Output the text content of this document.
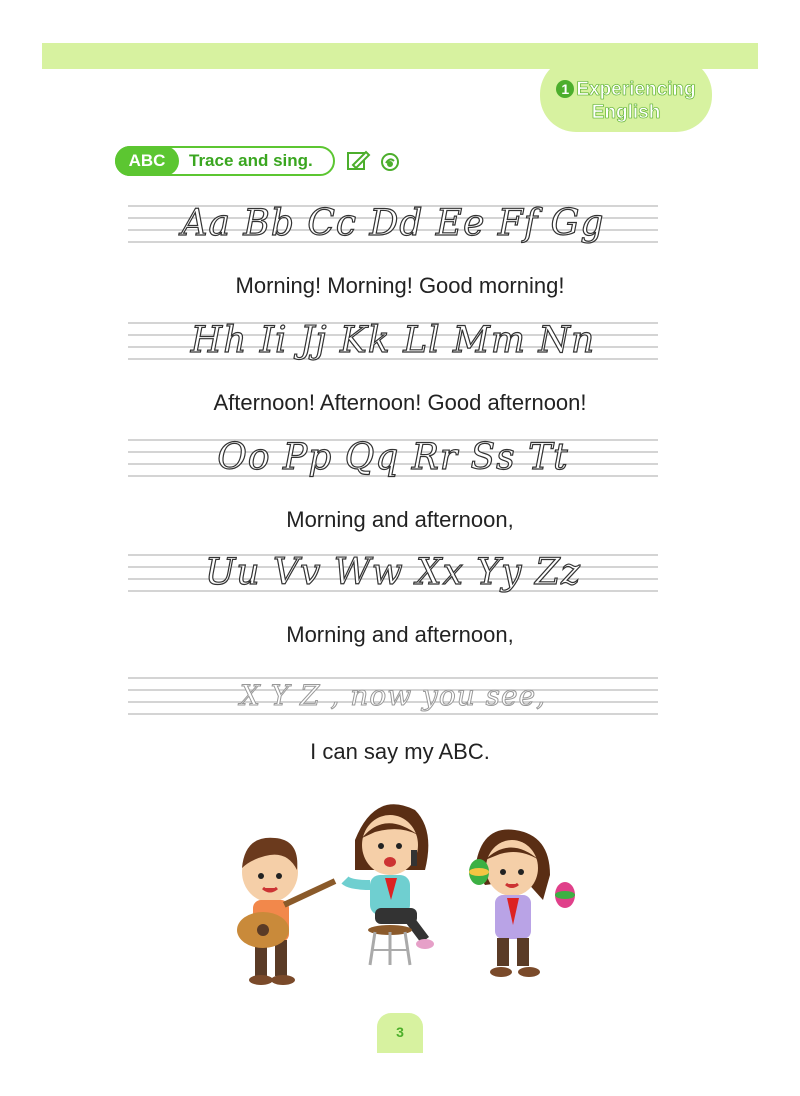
1 Experiencing
English
ABC	Trace and sing.
Aa Bb Cc Dd Ee Ff Gg
Morning! Morning! Good morning!
Hh Ii Jj Kk Ll Mm Nn
Afternoon! Afternoon! Good afternoon!
Oo Pp Qq Rr Ss Tt
Morning and afternoon,
Uu Vv Ww Xx Yy Zz
Morning and afternoon,
X Y Z , now you see,
I can say my ABC.
3
